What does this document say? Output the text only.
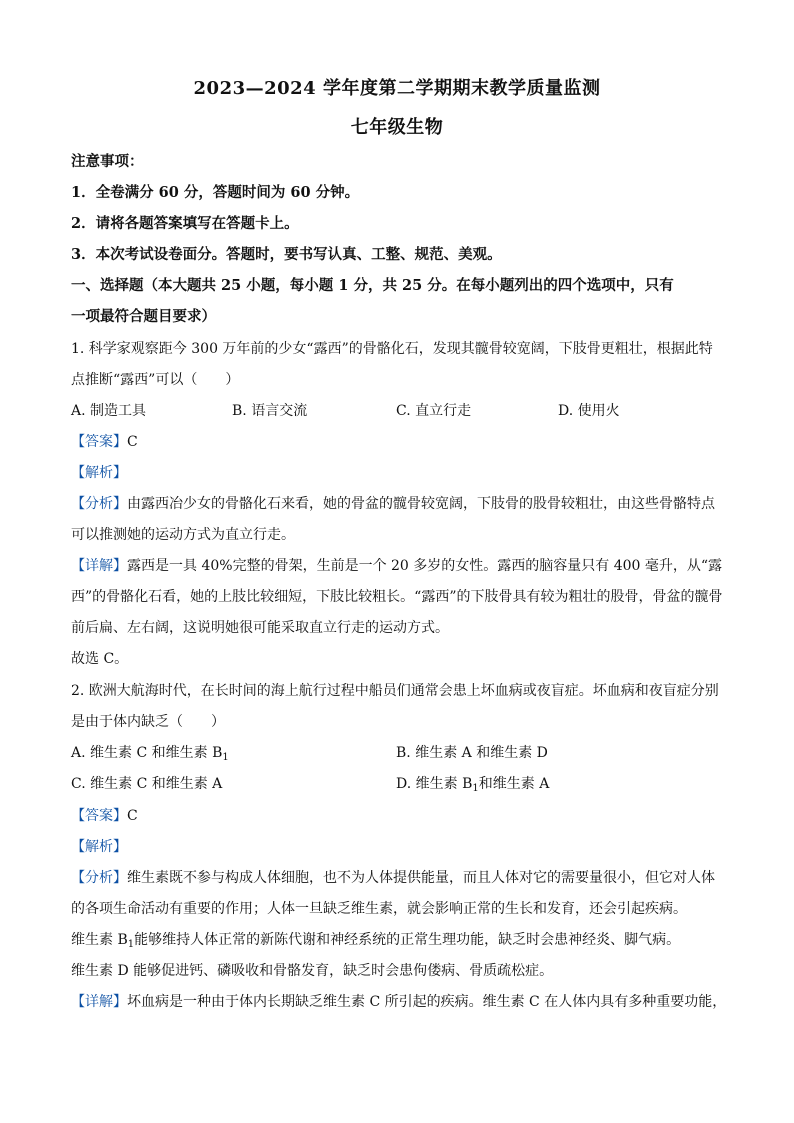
2023—2024 学年度第二学期期末教学质量监测
七年级生物
注意事项：
1．全卷满分 60 分，答题时间为 60 分钟。
2．请将各题答案填写在答题卡上。
3．本次考试设卷面分。答题时，要书写认真、工整、规范、美观。
一、选择题（本大题共 25 小题，每小题 1 分，共 25 分。在每小题列出的四个选项中，只有
一项最符合题目要求）
1. 科学家观察距今 300 万年前的少女“露西”的骨骼化石，发现其髋骨较宽阔，下肢骨更粗壮，根据此特
点推断“露西”可以（　　）
A. 制造工具	B. 语言交流	C. 直立行走	D. 使用火
【答案】C
【解析】
【分析】由露西冶少女的骨骼化石来看，她的骨盆的髋骨较宽阔，下肢骨的股骨较粗壮，由这些骨骼特点
可以推测她的运动方式为直立行走。
【详解】露西是一具 40%完整的骨架，生前是一个 20 多岁的女性。露西的脑容量只有 400 毫升，从“露
西”的骨骼化石看，她的上肢比较细短，下肢比较粗长。“露西”的下肢骨具有较为粗壮的股骨，骨盆的髋骨
前后扁、左右阔，这说明她很可能采取直立行走的运动方式。
故选 C。
2. 欧洲大航海时代，在长时间的海上航行过程中船员们通常会患上坏血病或夜盲症。坏血病和夜盲症分别
是由于体内缺乏（　　）
A. 维生素 C 和维生素 $B_1$	B. 维生素 A 和维生素 D
C. 维生素 C 和维生素 A	D. 维生素 $B_1$和维生素 A
【答案】C
【解析】
【分析】维生素既不参与构成人体细胞，也不为人体提供能量，而且人体对它的需要量很小，但它对人体
的各项生命活动有重要的作用；人体一旦缺乏维生素，就会影响正常的生长和发育，还会引起疾病。
维生素 $B_1$能够维持人体正常的新陈代谢和神经系统的正常生理功能，缺乏时会患神经炎、脚气病。
维生素 D 能够促进钙、磷吸收和骨骼发育，缺乏时会患佝偻病、骨质疏松症。
【详解】坏血病是一种由于体内长期缺乏维生素 C 所引起的疾病。维生素 C 在人体内具有多种重要功能，
